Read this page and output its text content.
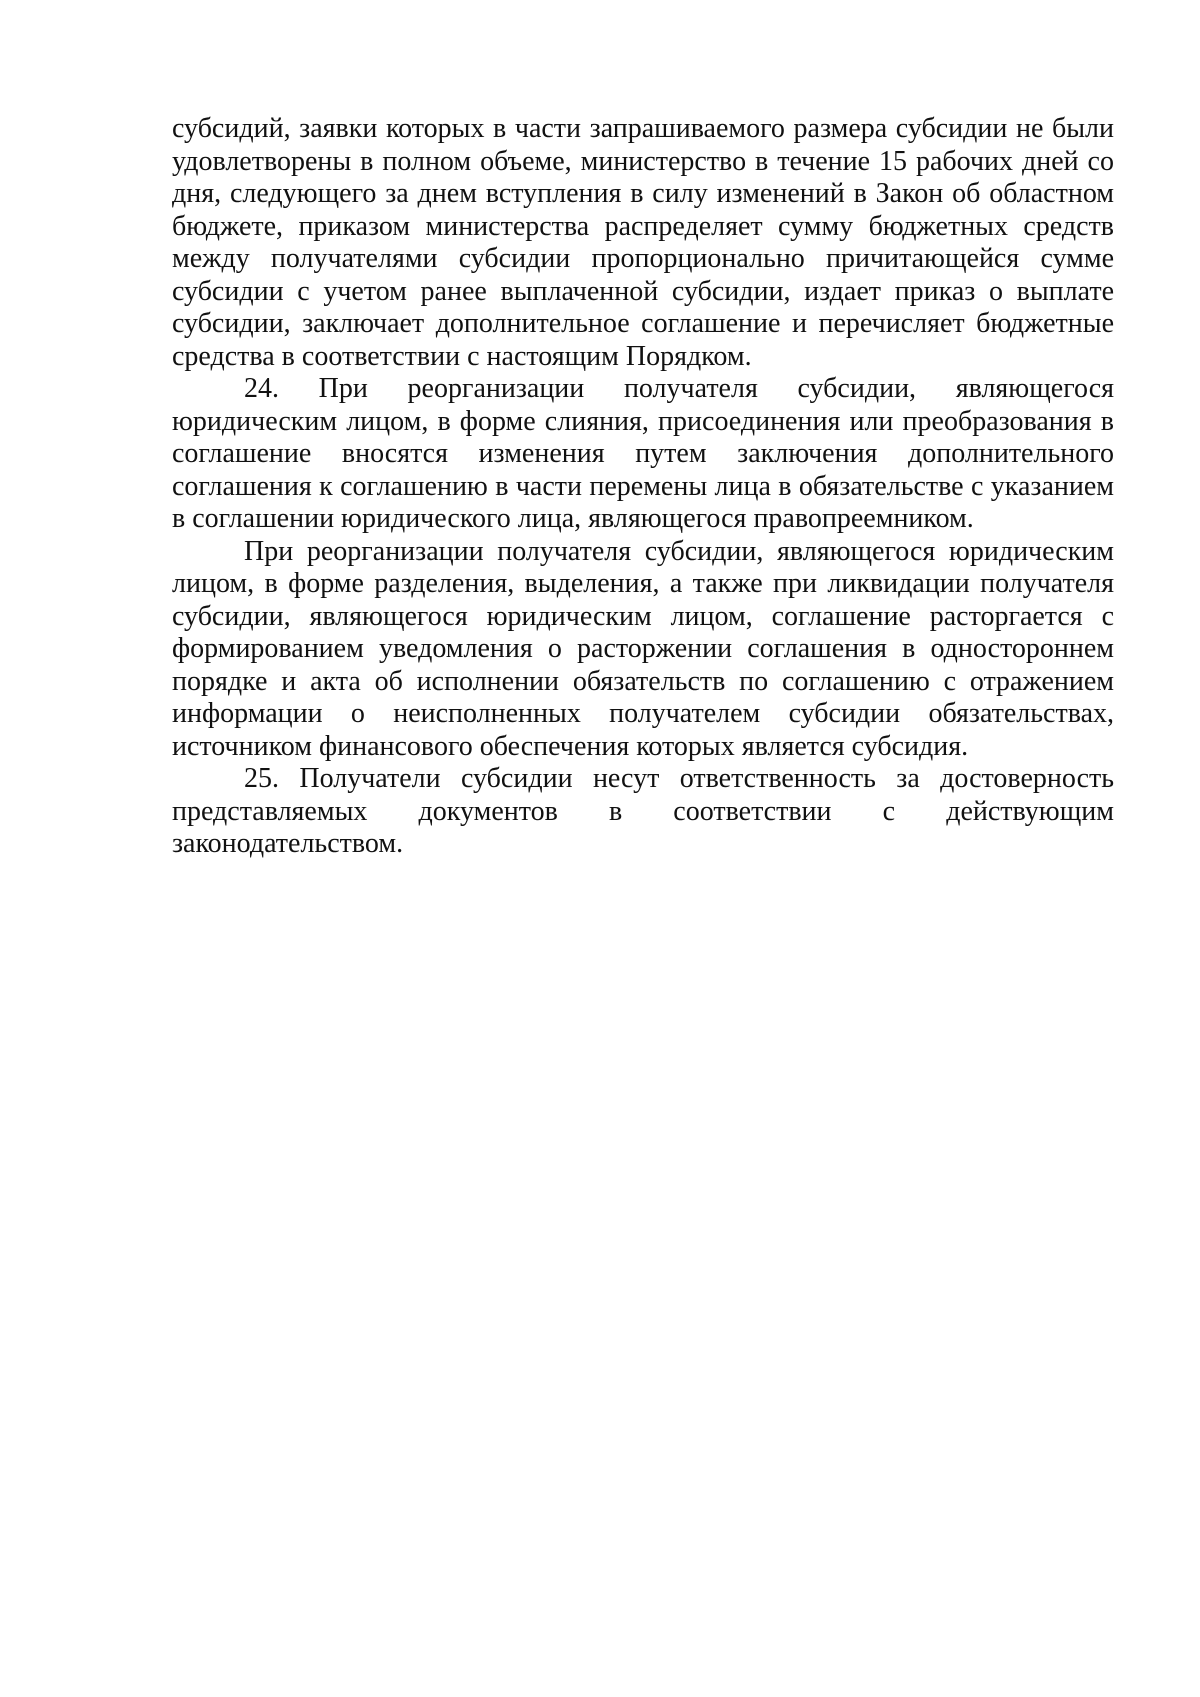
субсидий, заявки которых в части запрашиваемого размера субсидии не были удовлетворены в полном объеме, министерство в течение 15 рабочих дней со дня, следующего за днем вступления в силу изменений в Закон об областном бюджете, приказом министерства распределяет сумму бюджетных средств между получателями субсидии пропорционально причитающейся сумме субсидии с учетом ранее выплаченной субсидии, издает приказ о выплате субсидии, заключает дополнительное соглашение и перечисляет бюджетные средства в соответствии с настоящим Порядком.

24. При реорганизации получателя субсидии, являющегося юридическим лицом, в форме слияния, присоединения или преобразования в соглашение вносятся изменения путем заключения дополнительного соглашения к соглашению в части перемены лица в обязательстве с указанием в соглашении юридического лица, являющегося правопреемником.

При реорганизации получателя субсидии, являющегося юридическим лицом, в форме разделения, выделения, а также при ликвидации получателя субсидии, являющегося юридическим лицом, соглашение расторгается с формированием уведомления о расторжении соглашения в одностороннем порядке и акта об исполнении обязательств по соглашению с отражением информации о неисполненных получателем субсидии обязательствах, источником финансового обеспечения которых является субсидия.

25. Получатели субсидии несут ответственность за достоверность представляемых документов в соответствии с действующим законодательством.
